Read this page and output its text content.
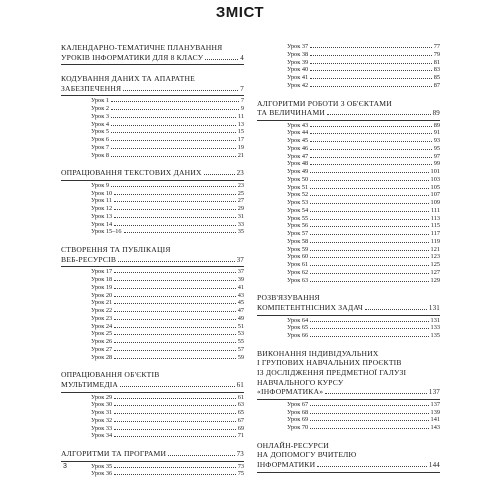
ЗМІСТ
КАЛЕНДАРНО-ТЕМАТИЧНЕ ПЛАНУВАННЯ
УРОКІВ ІНФОРМАТИКИ ДЛЯ 8 КЛАСУ	4
КОДУВАННЯ ДАНИХ ТА АПАРАТНЕ
ЗАБЕЗПЕЧЕННЯ	7
Урок 1	7
Урок 2	9
Урок 3	11
Урок 4	13
Урок 5	15
Урок 6	17
Урок 7	19
Урок 8	21
ОПРАЦЮВАННЯ ТЕКСТОВИХ ДАНИХ	23
Урок 9	23
Урок 10	25
Урок 11	27
Урок 12	29
Урок 13	31
Урок 14	33
Урок 15–16	35
СТВОРЕННЯ ТА ПУБЛІКАЦІЯ
ВЕБ-РЕСУРСІВ	37
Урок 17	37
Урок 18	39
Урок 19	41
Урок 20	43
Урок 21	45
Урок 22	47
Урок 23	49
Урок 24	51
Урок 25	53
Урок 26	55
Урок 27	57
Урок 28	59
ОПРАЦЮВАННЯ ОБ'ЄКТІВ
МУЛЬТИМЕДІА	61
Урок 29	61
Урок 30	63
Урок 31	65
Урок 32	67
Урок 33	69
Урок 34	71
АЛГОРИТМИ ТА ПРОГРАМИ	73
Урок 35	73
Урок 36	75
Урок 37	77
Урок 38	79
Урок 39	81
Урок 40	83
Урок 41	85
Урок 42	87
АЛГОРИТМИ РОБОТИ З ОБ'ЄКТАМИ
ТА ВЕЛИЧИНАМИ	89
Урок 43	89
Урок 44	91
Урок 45	93
Урок 46	95
Урок 47	97
Урок 48	99
Урок 49	101
Урок 50	103
Урок 51	105
Урок 52	107
Урок 53	109
Урок 54	111
Урок 55	113
Урок 56	115
Урок 57	117
Урок 58	119
Урок 59	121
Урок 60	123
Урок 61	125
Урок 62	127
Урок 63	129
РОЗВ'ЯЗУВАННЯ
КОМПЕТЕНТНІСНИХ ЗАДАЧ	131
Урок 64	131
Урок 65	133
Урок 66	135
ВИКОНАННЯ ІНДИВІДУАЛЬНИХ
І ГРУПОВИХ НАВЧАЛЬНИХ ПРОЄКТІВ
ІЗ ДОСЛІДЖЕННЯ ПРЕДМЕТНОЇ ГАЛУЗІ
НАВЧАЛЬНОГО КУРСУ
«ІНФОРМАТИКА»	137
Урок 67	137
Урок 68	139
Урок 69	141
Урок 70	143
ОНЛАЙН-РЕСУРСИ
НА ДОПОМОГУ ВЧИТЕЛЮ
ІНФОРМАТИКИ	144
3
